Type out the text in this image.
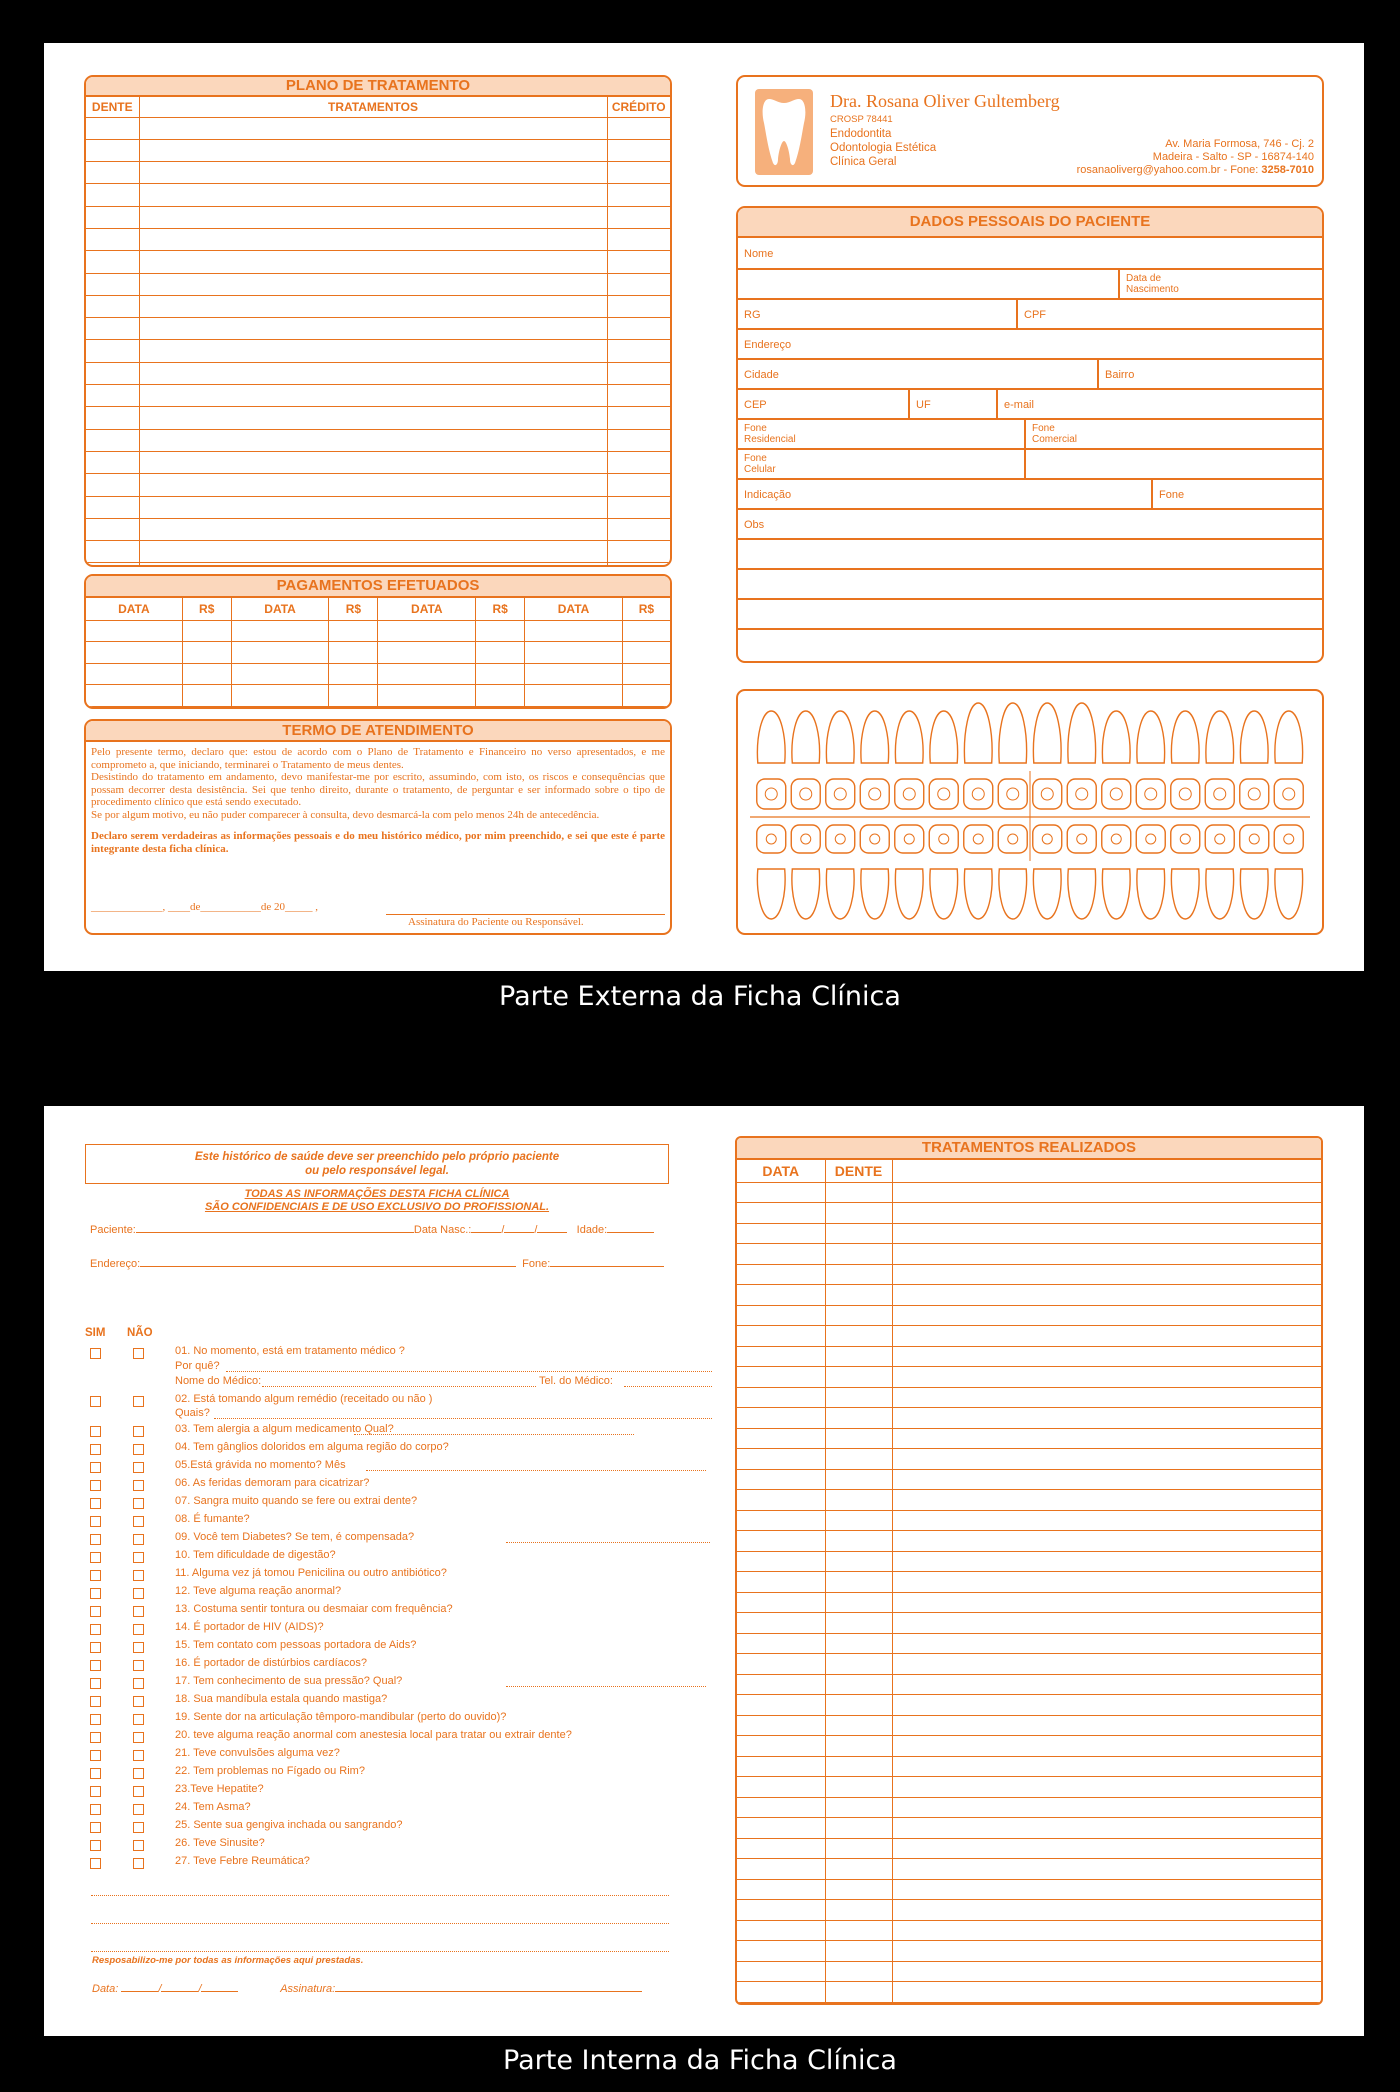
PLANO DE TRATAMENTO
DENTE	TRATAMENTOS	CRÉDITO

PAGAMENTOS EFETUADOS
DATA	R$	DATA	R$	DATA	R$	DATA	R$

TERMO DE ATENDIMENTO

Pelo presente termo, declaro que: estou de acordo com o Plano de Tratamento e Financeiro no verso apresentados, e me comprometo a, que iniciando, terminarei o Tratamento de meus dentes.

Desistindo do tratamento em andamento, devo manifestar-me por escrito, assumindo, com isto, os riscos e consequências que possam decorrer desta desistência. Sei que tenho direito, durante o tratamento, de perguntar e ser informado sobre o tipo de procedimento clínico que está sendo executado.

Se por algum motivo, eu não puder comparecer à consulta, devo desmarcá-la com pelo menos 24h de antecedência.

Declaro serem verdadeiras as informações pessoais e do meu histórico médico, por mim preenchido, e sei que este é parte integrante desta ficha clínica.

_____________, ____de___________de 20_____ ,
Assinatura do Paciente ou Responsável.
Dra. Rosana Oliver Gultemberg
CROSP 78441
Endodontita
Odontologia Estética
Clínica Geral
Av. Maria Formosa, 746 - Cj. 2
Madeira - Salto - SP - 16874-140
rosanaoliverg@yahoo.com.br - Fone: 3258-7010
DADOS PESSOAIS DO PACIENTE
Nome
Data de Nascimento
RG	CPF
Endereço
Cidade	Bairro
CEP	UF	e-mail
Fone Residencial
Fone Comercial
Fone Celular
Indicação	Fone
Obs
Parte Externa da Ficha Clínica
Este histórico de saúde deve ser preenchido pelo próprio paciente
ou pelo responsável legal.
TODAS AS INFORMAÇÕES DESTA FICHA CLÍNICA
SÃO CONFIDENCIAIS E DE USO EXCLUSIVO DO PROFISSIONAL.
Paciente:	Data Nasc.:	/	/	Idade:
Endereço:	Fone:
SIM NÃO
01. No momento, está em tratamento médico ?
02. Está tomando algum remédio (receitado ou não )
03. Tem alergia a algum medicamento Qual?
04. Tem gânglios doloridos em alguma região do corpo?
05.Está grávida no momento? Mês
06. As feridas demoram para cicatrizar?
07. Sangra muito quando se fere ou extrai dente?
08. É fumante?
09. Você tem Diabetes? Se tem, é compensada?
10. Tem dificuldade de digestão?
11. Alguma vez já tomou Penicilina ou outro antibiótico?
12. Teve alguma reação anormal?
13. Costuma sentir tontura ou desmaiar com frequência?
14. É portador de HIV (AIDS)?
15. Tem contato com pessoas portadora de Aids?
16. É portador de distúrbios cardíacos?
17. Tem conhecimento de sua pressão? Qual?
18. Sua mandíbula estala quando mastiga?
19. Sente dor na articulação têmporo-mandibular (perto do ouvido)?
20. teve alguma reação anormal com anestesia local para tratar ou extrair dente?
21. Teve convulsões alguma vez?
22. Tem problemas no Fígado ou Rim?
23.Teve Hepatite?
24. Tem Asma?
25. Sente sua gengiva inchada ou sangrando?
26. Teve Sinusite?
27. Teve Febre Reumática?
Por quê?
Nome do Médico:	Tel. do Médico:
Quais?
Resposabilizo-me por todas as informações aqui prestadas.
Data:	/	/	Assinatura:
TRATAMENTOS REALIZADOS
DATA	DENTE	

Parte Interna da Ficha Clínica
